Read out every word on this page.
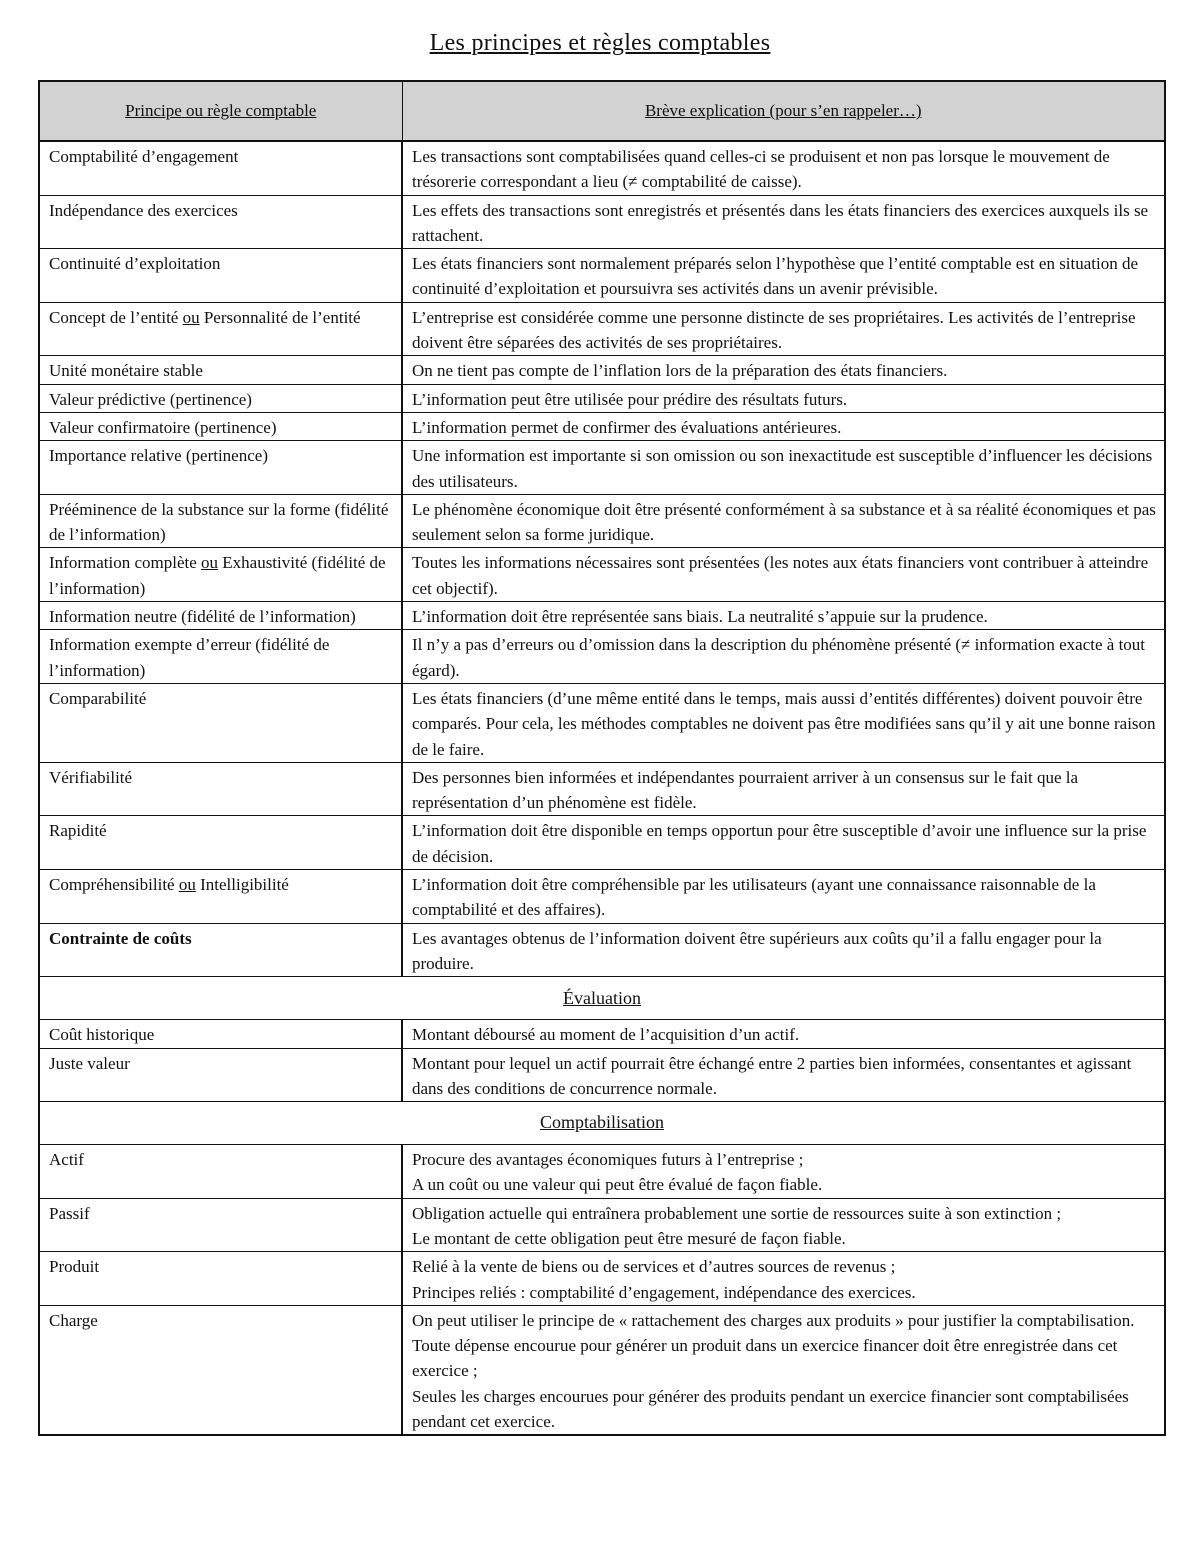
Les principes et règles comptables
Principe ou règle comptable	Brève explication (pour s’en rappeler…)
Comptabilité d’engagement	Les transactions sont comptabilisées quand celles-ci se produisent et non pas lorsque le mouvement de trésorerie correspondant a lieu (≠ comptabilité de caisse).
Indépendance des exercices	Les effets des transactions sont enregistrés et présentés dans les états financiers des exercices auxquels ils se rattachent.
Continuité d’exploitation	Les états financiers sont normalement préparés selon l’hypothèse que l’entité comptable est en situation de continuité d’exploitation et poursuivra ses activités dans un avenir prévisible.
Concept de l’entité ou Personnalité de l’entité	L’entreprise est considérée comme une personne distincte de ses propriétaires. Les activités de l’entreprise doivent être séparées des activités de ses propriétaires.
Unité monétaire stable	On ne tient pas compte de l’inflation lors de la préparation des états financiers.
Valeur prédictive (pertinence)	L’information peut être utilisée pour prédire des résultats futurs.
Valeur confirmatoire (pertinence)	L’information permet de confirmer des évaluations antérieures.
Importance relative (pertinence)	Une information est importante si son omission ou son inexactitude est susceptible d’influencer les décisions des utilisateurs.
Prééminence de la substance sur la forme (fidélité de l’information)	Le phénomène économique doit être présenté conformément à sa substance et à sa réalité économiques et pas seulement selon sa forme juridique.
Information complète ou Exhaustivité (fidélité de l’information)	Toutes les informations nécessaires sont présentées (les notes aux états financiers vont contribuer à atteindre cet objectif).
Information neutre (fidélité de l’information)	L’information doit être représentée sans biais. La neutralité s’appuie sur la prudence.
Information exempte d’erreur (fidélité de l’information)	Il n’y a pas d’erreurs ou d’omission dans la description du phénomène présenté (≠ information exacte à tout égard).
Comparabilité	Les états financiers (d’une même entité dans le temps, mais aussi d’entités différentes) doivent pouvoir être comparés. Pour cela, les méthodes comptables ne doivent pas être modifiées sans qu’il y ait une bonne raison de le faire.
Vérifiabilité	Des personnes bien informées et indépendantes pourraient arriver à un consensus sur le fait que la représentation d’un phénomène est fidèle.
Rapidité	L’information doit être disponible en temps opportun pour être susceptible d’avoir une influence sur la prise de décision.
Compréhensibilité ou Intelligibilité	L’information doit être compréhensible par les utilisateurs (ayant une connaissance raisonnable de la comptabilité et des affaires).
Contrainte de coûts	Les avantages obtenus de l’information doivent être supérieurs aux coûts qu’il a fallu engager pour la produire.
Évaluation	
Coût historique	Montant déboursé au moment de l’acquisition d’un actif.
Juste valeur	Montant pour lequel un actif pourrait être échangé entre 2 parties bien informées, consentantes et agissant dans des conditions de concurrence normale.
Comptabilisation	
Actif	Procure des avantages économiques futurs à l’entreprise ;
A un coût ou une valeur qui peut être évalué de façon fiable.

Passif	Obligation actuelle qui entraînera probablement une sortie de ressources suite à son extinction ;
Le montant de cette obligation peut être mesuré de façon fiable.

Produit	Relié à la vente de biens ou de services et d’autres sources de revenus ;
Principes reliés : comptabilité d’engagement, indépendance des exercices.

Charge	On peut utiliser le principe de « rattachement des charges aux produits » pour justifier la comptabilisation. Toute dépense encourue pour générer un produit dans un exercice financer doit être enregistrée dans cet exercice ;
Seules les charges encourues pour générer des produits pendant un exercice financier sont comptabilisées pendant cet exercice.
